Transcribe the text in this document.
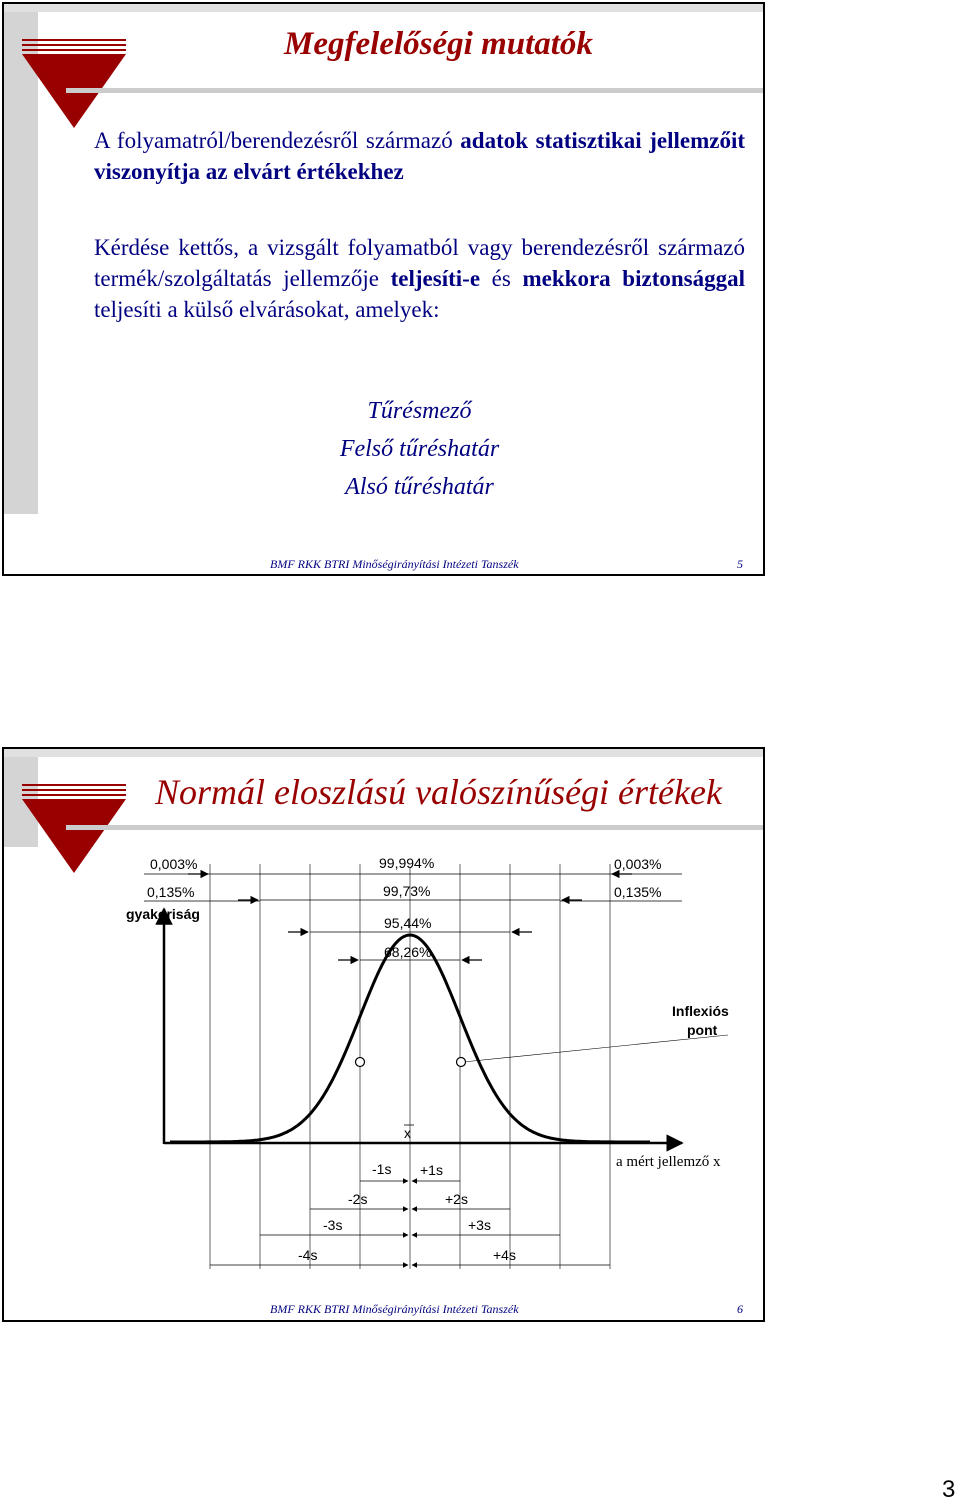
Megfelelőségi mutatók
A folyamatról/berendezésről származó adatok statisztikai jellemzőit viszonyítja az elvárt értékekhez
Kérdése kettős, a vizsgált folyamatból vagy berendezésről származó termék/szolgáltatás jellemzője teljesíti-e és mekkora biztonsággal teljesíti a külső elvárásokat, amelyek:
Tűrésmező
Felső tűréshatár
Alsó tűréshatár
BMF RKK BTRI Minőségirányítási Intézeti Tanszék	5
Normál eloszlású valószínűségi értékek
0,003%	99,994%	0,003%
0,135%	99,73%	0,135%
gyakoriság
95,44%
68,26%
Inflexiós
pont
x
a mért jellemző x
-1s +1s
-2s	+2s
-3s	+3s
-4s	+4s
BMF RKK BTRI Minőségirányítási Intézeti Tanszék	6
3
